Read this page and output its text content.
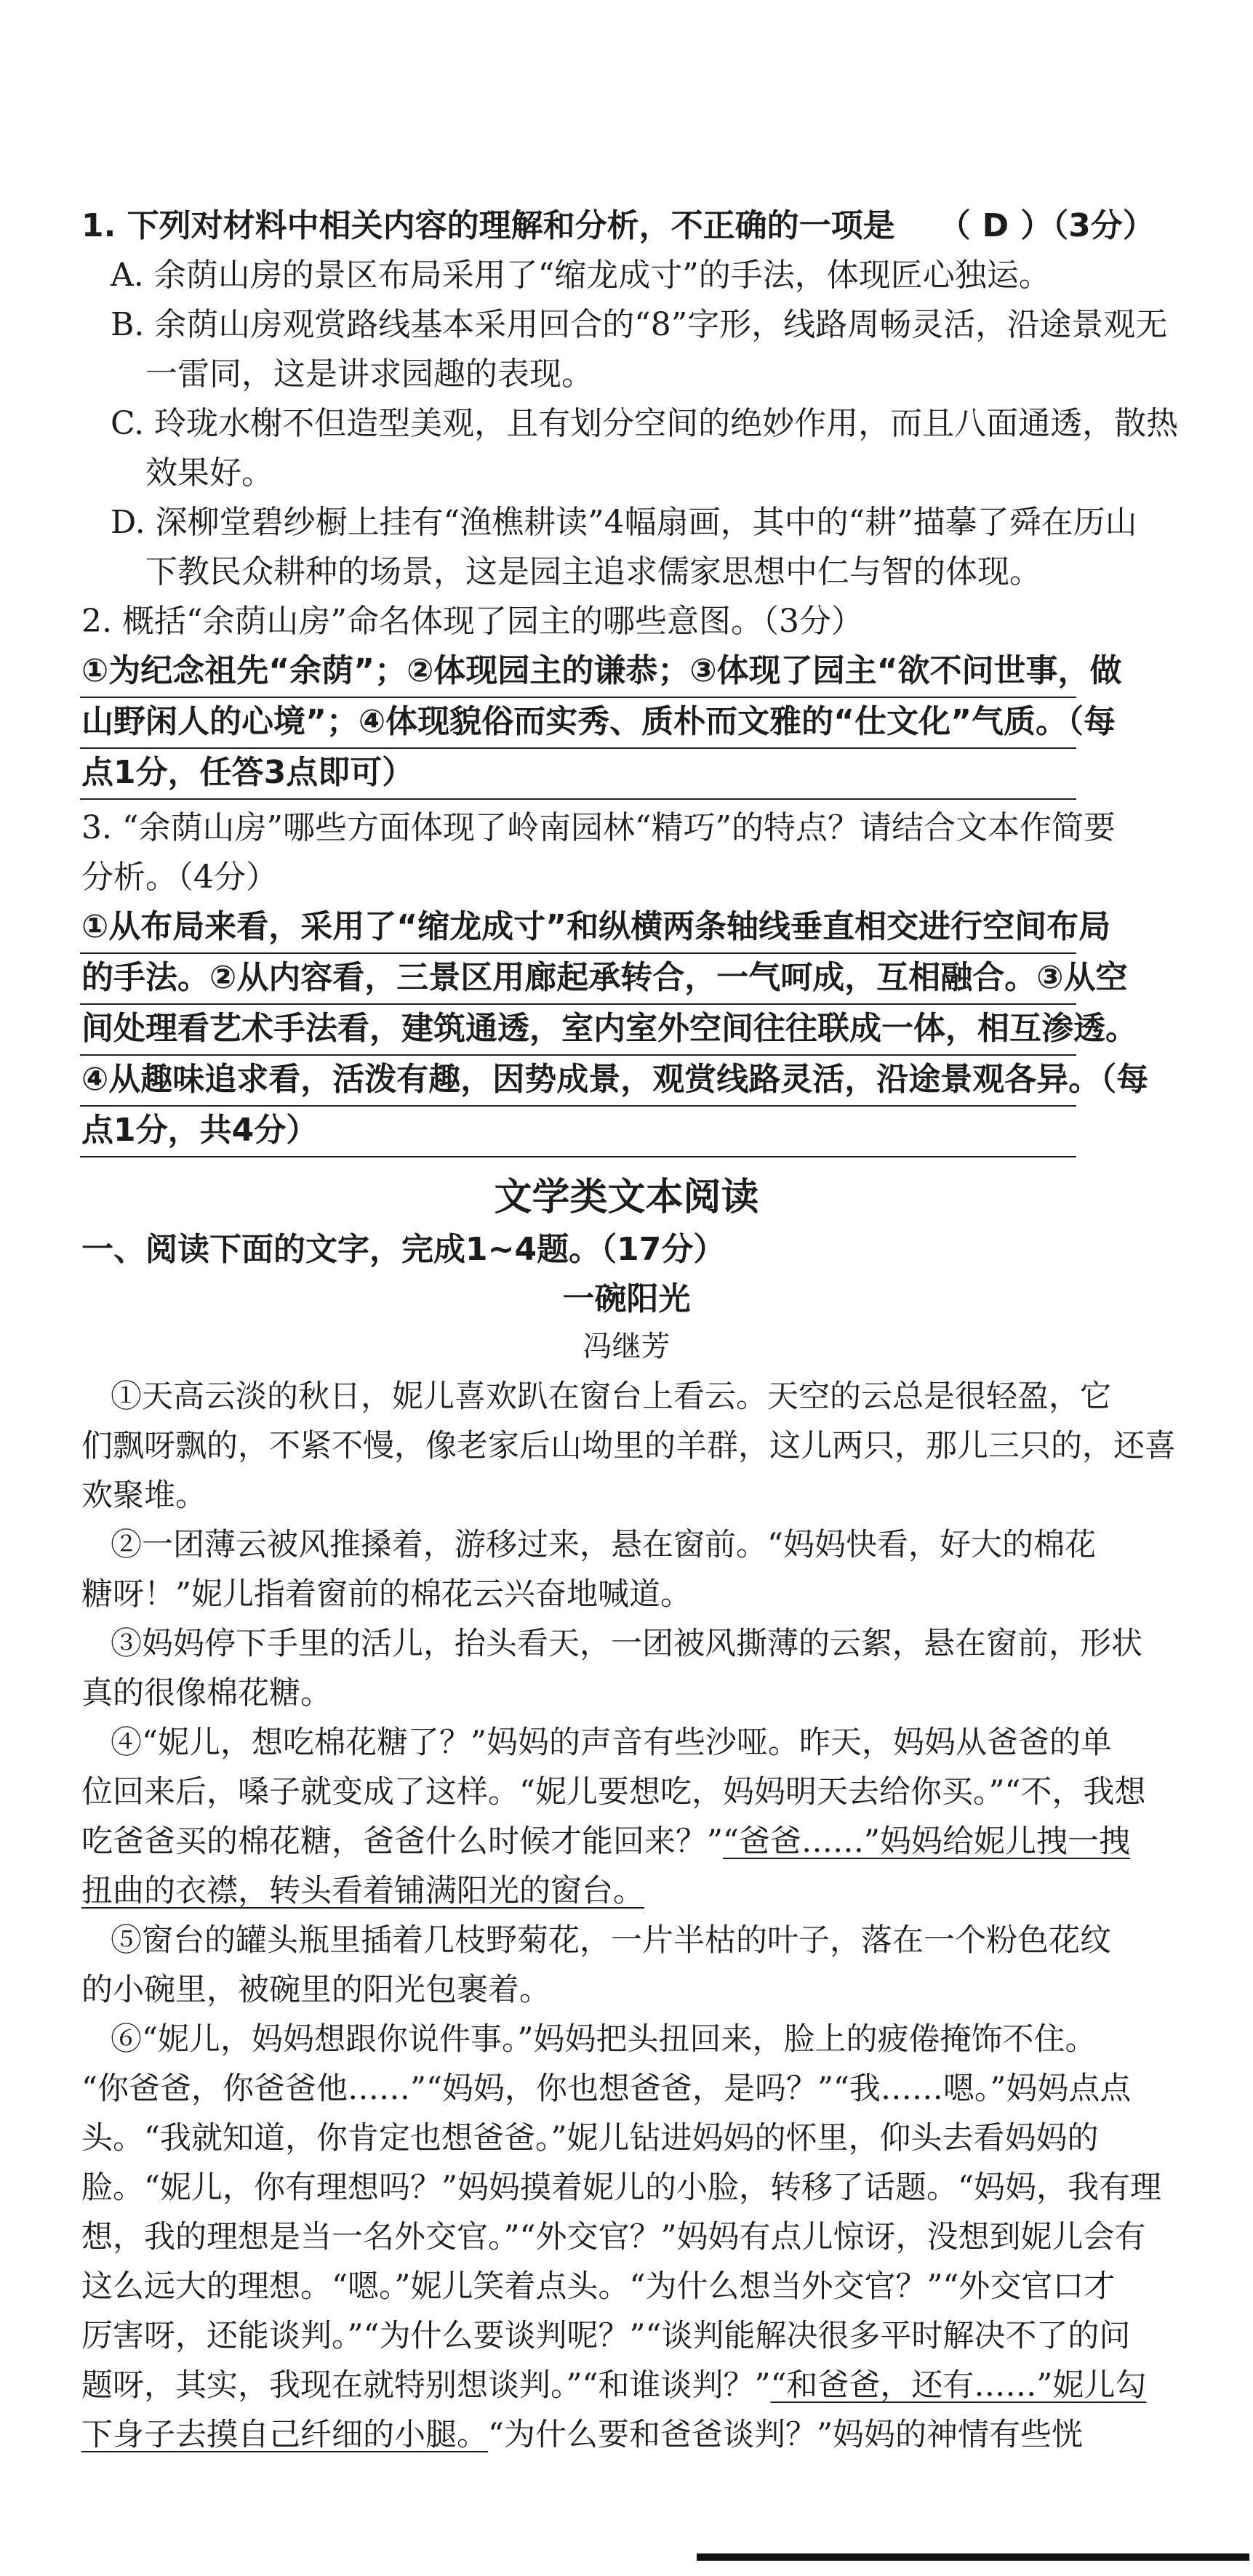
1. 下列对材料中相关内容的理解和分析，不正确的一项是 （ D ）（3分）
A. 余荫山房的景区布局采用了“缩龙成寸”的手法，体现匠心独运。
B. 余荫山房观赏路线基本采用回合的“8”字形，线路周畅灵活，沿途景观无
一雷同，这是讲求园趣的表现。
C. 玲珑水榭不但造型美观，且有划分空间的绝妙作用，而且八面通透，散热
效果好。
D. 深柳堂碧纱橱上挂有“渔樵耕读”4幅扇画，其中的“耕”描摹了舜在历山
下教民众耕种的场景，这是园主追求儒家思想中仁与智的体现。
2. 概括“余荫山房”命名体现了园主的哪些意图。（3分）
①为纪念祖先“余荫”；②体现园主的谦恭；③体现了园主“欲不问世事，做
山野闲人的心境”；④体现貌俗而实秀、质朴而文雅的“仕文化”气质。（每
点1分，任答3点即可）
3. “余荫山房”哪些方面体现了岭南园林“精巧”的特点？请结合文本作简要
分析。（4分）
①从布局来看，采用了“缩龙成寸”和纵横两条轴线垂直相交进行空间布局
的手法。②从内容看，三景区用廊起承转合，一气呵成，互相融合。③从空
间处理看艺术手法看，建筑通透，室内室外空间往往联成一体，相互渗透。
④从趣味追求看，活泼有趣，因势成景，观赏线路灵活，沿途景观各异。（每
点1分，共4分）
文学类文本阅读
一、阅读下面的文字，完成1~4题。（17分）
一碗阳光
冯继芳
①天高云淡的秋日，妮儿喜欢趴在窗台上看云。天空的云总是很轻盈，它
们飘呀飘的，不紧不慢，像老家后山坳里的羊群，这儿两只，那儿三只的，还喜
欢聚堆。
②一团薄云被风推搡着，游移过来，悬在窗前。“妈妈快看，好大的棉花
糖呀！”妮儿指着窗前的棉花云兴奋地喊道。
③妈妈停下手里的活儿，抬头看天，一团被风撕薄的云絮，悬在窗前，形状
真的很像棉花糖。
④“妮儿，想吃棉花糖了？”妈妈的声音有些沙哑。昨天，妈妈从爸爸的单
位回来后，嗓子就变成了这样。“妮儿要想吃，妈妈明天去给你买。”“不，我想
吃爸爸买的棉花糖，爸爸什么时候才能回来？”“爸爸……”妈妈给妮儿拽一拽
扭曲的衣襟，转头看着铺满阳光的窗台。
⑤窗台的罐头瓶里插着几枝野菊花，一片半枯的叶子，落在一个粉色花纹
的小碗里，被碗里的阳光包裹着。
⑥“妮儿，妈妈想跟你说件事。”妈妈把头扭回来，脸上的疲倦掩饰不住。
“你爸爸，你爸爸他……”“妈妈，你也想爸爸，是吗？”“我……嗯。”妈妈点点
头。“我就知道，你肯定也想爸爸。”妮儿钻进妈妈的怀里，仰头去看妈妈的
脸。“妮儿，你有理想吗？”妈妈摸着妮儿的小脸，转移了话题。“妈妈，我有理
想，我的理想是当一名外交官。”“外交官？”妈妈有点儿惊讶，没想到妮儿会有
这么远大的理想。“嗯。”妮儿笑着点头。“为什么想当外交官？”“外交官口才
厉害呀，还能谈判。”“为什么要谈判呢？”“谈判能解决很多平时解决不了的问
题呀，其实，我现在就特别想谈判。”“和谁谈判？”“和爸爸，还有……”妮儿勾
下身子去摸自己纤细的小腿。“为什么要和爸爸谈判？”妈妈的神情有些恍
